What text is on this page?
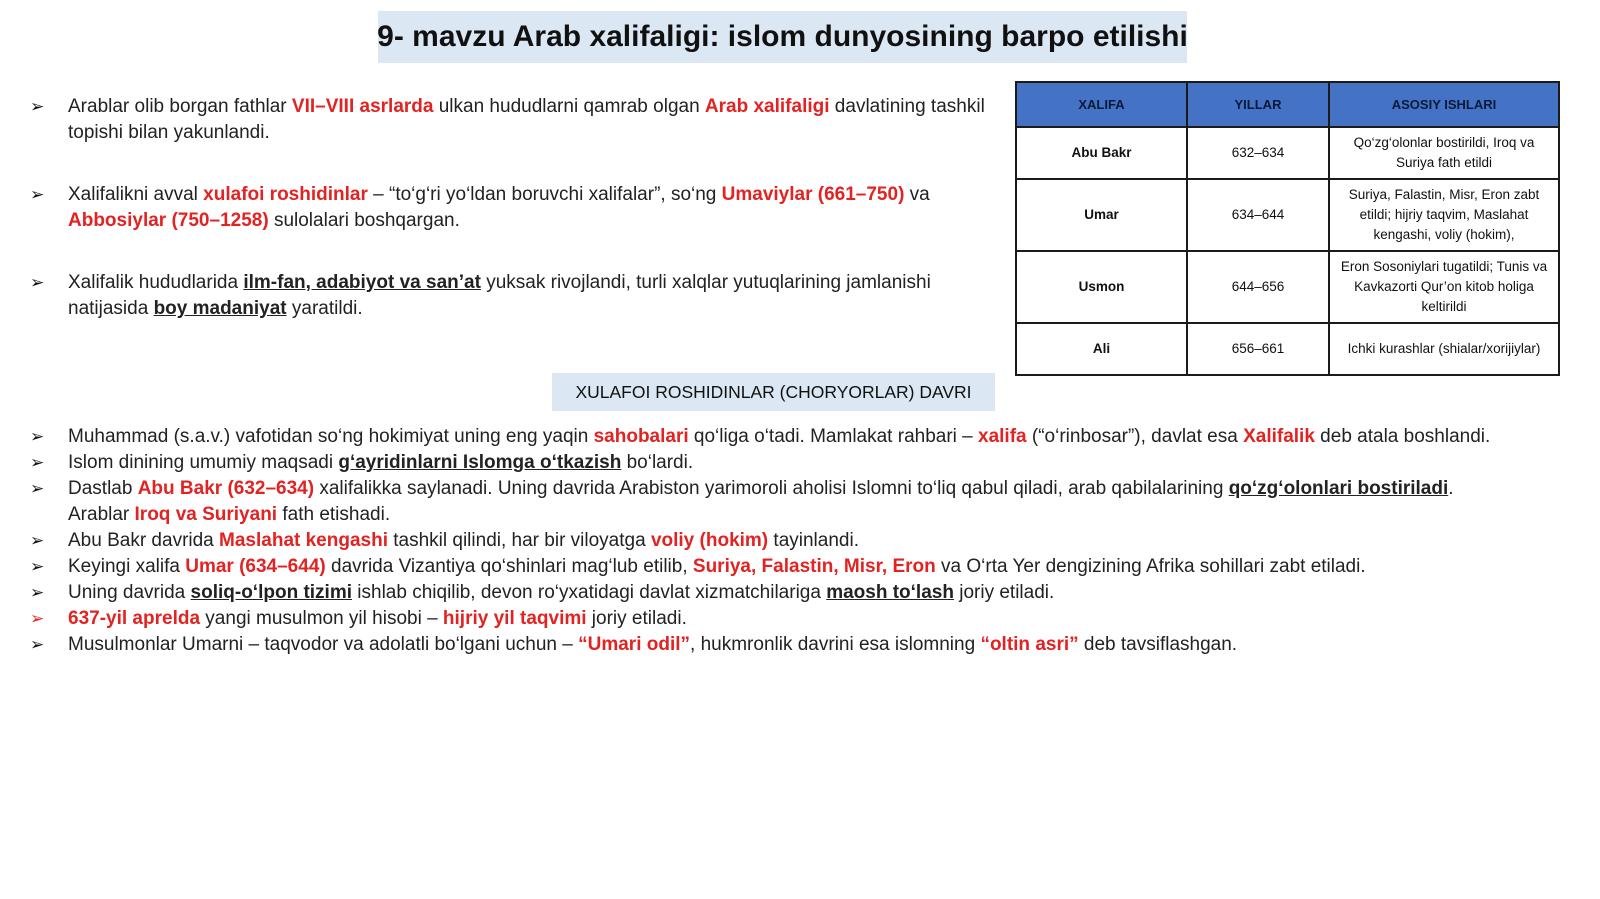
9- mavzu Arab xalifaligi: islom dunyosining barpo etilishi
➢ Arablar olib borgan fathlar VII–VIII asrlarda ulkan hududlarni qamrab olgan Arab xalifaligi davlatining tashkil topishi bilan yakunlandi.
➢ Xalifalikni avval xulafoi roshidinlar – “to‘g‘ri yo‘ldan boruvchi xalifalar”, so‘ng Umaviylar (661–750) va Abbosiylar (750–1258) sulolalari boshqargan.
➢ Xalifalik hududlarida ilm-fan, adabiyot va san’at yuksak rivojlandi, turli xalqlar yutuqlarining jamlanishi natijasida boy madaniyat yaratildi.
XALIFA	YILLAR	ASOSIY ISHLARI
Abu Bakr	632–634	Qo‘zg‘olonlar bostirildi, Iroq va Suriya fath etildi
Umar	634–644	Suriya, Falastin, Misr, Eron zabt etildi; hijriy taqvim, Maslahat kengashi, voliy (hokim),
Usmon	644–656	Eron Sosoniylari tugatildi; Tunis va Kavkazorti Qur’on kitob holiga keltirildi
Ali	656–661	Ichki kurashlar (shialar/xorijiylar)
XULAFOI ROSHIDINLAR (CHORYORLAR) DAVRI
➢ Muhammad (s.a.v.) vafotidan so‘ng hokimiyat uning eng yaqin sahobalari qo‘liga o‘tadi. Mamlakat rahbari – xalifa (“o‘rinbosar”), davlat esa Xalifalik deb atala boshlandi.
➢ Islom dinining umumiy maqsadi g‘ayridinlarni Islomga o‘tkazish bo‘lardi.
➢ Dastlab Abu Bakr (632–634) xalifalikka saylanadi. Uning davrida Arabiston yarimoroli aholisi Islomni to‘liq qabul qiladi, arab qabilalarining qo‘zg‘olonlari bostiriladi. Arablar Iroq va Suriyani fath etishadi.
➢ Abu Bakr davrida Maslahat kengashi tashkil qilindi, har bir viloyatga voliy (hokim) tayinlandi.
➢ Keyingi xalifa Umar (634–644) davrida Vizantiya qo‘shinlari mag‘lub etilib, Suriya, Falastin, Misr, Eron va O‘rta Yer dengizining Afrika sohillari zabt etiladi.
➢ Uning davrida soliq-o‘lpon tizimi ishlab chiqilib, devon ro‘yxatidagi davlat xizmatchilariga maosh to‘lash joriy etiladi.
➢ 637-yil aprelda yangi musulmon yil hisobi – hijriy yil taqvimi joriy etiladi.
➢ Musulmonlar Umarni – taqvodor va adolatli bo‘lgani uchun – “Umari odil”, hukmronlik davrini esa islomning “oltin asri” deb tavsiflashgan.
